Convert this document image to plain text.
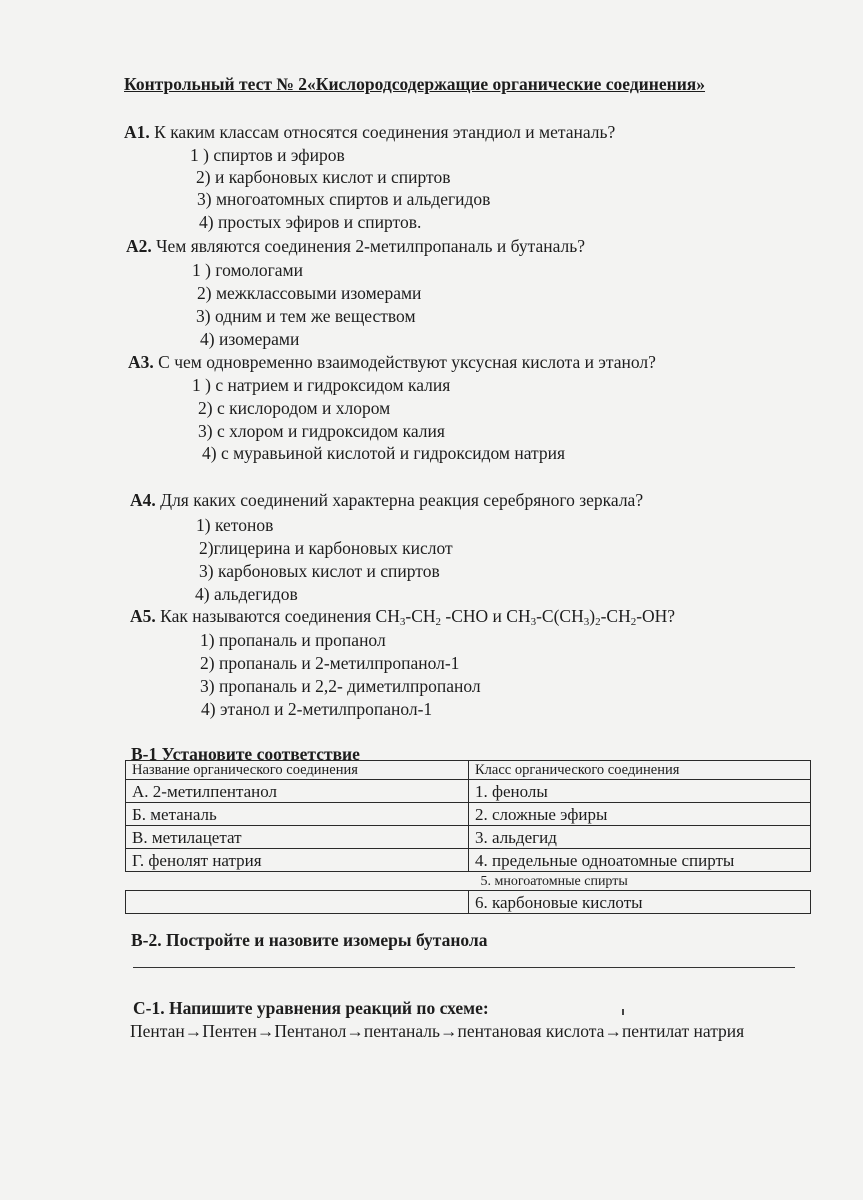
Контрольный тест № 2«Кислородсодержащие органические соединения»
А1. К каким классам относятся соединения этандиол и метаналь?
1 ) спиртов и эфиров
2) и карбоновых кислот и спиртов
3) многоатомных спиртов и альдегидов
4) простых эфиров и спиртов.
А2. Чем являются соединения 2-метилпропаналь и бутаналь?
1 ) гомологами
2) межклассовыми изомерами
3) одним и тем же веществом
4) изомерами
А3. С чем одновременно взаимодействуют уксусная кислота и этанол?
1 ) с натрием и гидроксидом калия
2) с кислородом и хлором
3) с хлором и гидроксидом калия
4) с муравьиной кислотой и гидроксидом натрия
А4. Для каких соединений характерна реакция серебряного зеркала?
1) кетонов
2)глицерина и карбоновых кислот
3) карбоновых кислот и спиртов
4) альдегидов
А5. Как называются соединения $CH_3-CH_2$ -CHO и $CH_3-C(CH_3)_2-CH_2-OH$?
1) пропаналь и пропанол
2) пропаналь и 2-метилпропанол-1
3) пропаналь и 2,2- диметилпропанол
4) этанол и 2-метилпропанол-1
В-1 Установите соответствие
Название органического соединения	Класс органического соединения
А. 2-метилпентанол	1. фенолы
Б. метаналь	2. сложные эфиры
В. метилацетат	3. альдегид
Г. фенолят натрия	4. предельные одноатомные спирты
	5. многоатомные спирты
	6. карбоновые кислоты
В-2. Постройте и назовите изомеры бутанола
С-1. Напишите уравнения реакций по схеме:
Пентан→Пентен→Пентанол→пентаналь→пентановая кислота→пентилат натрия
